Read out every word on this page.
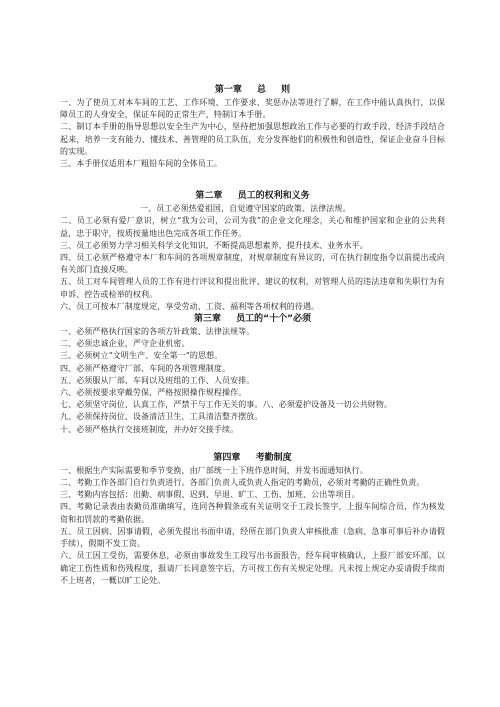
第一章 总 则

一、为了使员工对本车间的工艺、工作环境、工作要求、奖惩办法等进行了解，在工作中能认真执行，以保障员工的人身安全，保证车间的正常生产，特制订本手册。

二、制订本手册的指导思想以安全生产为中心，坚持把加强思想政治工作与必要的行政手段、经济手段结合起来，培养一支有能力、懂技术、善管理的员工队伍，充分发挥他们的积极性和创造性，保证企业奋斗目标的实现。

三、本手册仅适用本厂粗铅车间的全体员工。

第二章 员工的权利和义务

一、员工必须热爱祖国，自觉遵守国家的政策、法律法规。

二、员工必须有爱厂意识，树立“我为公司，公司为我”的企业文化理念，关心和维护国家和企业的公共利益，忠于职守，按质按量地出色完成各项工作任务。

三、员工必须努力学习相关科学文化知识，不断提高思想素养，提升技术、业务水平。

四、员工必须严格遵守本厂和车间的各项规章制度，对规章制度有异议的，可在执行制度指令以前提出或向有关部门直接反映。

五、员工对车间管理人员的工作有进行评议和提出批评、建议的权利，对管理人员的违法违章和失职行为有申诉、控告或检举的权利。

六、员工可按本厂制度规定，享受劳动、工资、福利等各项权利的待遇。

第三章 员工的“十个”必须

一、必须严格执行国家的各项方针政策、法律法规等。

二、必须忠诚企业，严守企业机密。

三、必须树立“文明生产、安全第一”的思想。

四、必须严格遵守厂部、车间的各项管理制度。

五、必须服从厂部、车间以及班组的工作、人员安排。

六、必须按要求穿戴劳保，严格按照操作规程操作。

七、必须坚守岗位、认真工作，严禁干与工作无关的事。八、必须爱护设备及一切公共财物。

九、必须保持岗位、设备清洁卫生，工具清洁整齐摆放。

十、必须严格执行交接班制度，并办好交接手续。

第四章 考勤制度

一、根据生产实际需要和季节变换，由厂部统一上下班作息时间，并发书面通知执行。

二、考勤工作各部门自行负责进行。各部门负责人或负责人指定的考勤员，必须对考勤的正确性负责。

三、考勤内容包括：出勤、病事假、迟到、早退、旷工、工伤、加班、公出等项目。

四、考勤记录表由表勤员准确填写，连同各种假条或有关证明交于工段长签字，上报车间综合员，作为核发资和扣罚款的考勤依据。

五、员工因病、因事请假，必须先提出书面申请，经所在部门负责人审核批准（急病、急事可事后补办请假手续），假期不发工资。

六、员工因工受伤，需要休息，必须由事故发生工段写出书面报告，经车间审核确认，上报厂部安环部，以确定工伤性质和伤残程度，报请厂长同意签字后，方可按工伤有关规定处理。凡未按上规定办妥请假手续而不上班者，一概以旷工论处。
